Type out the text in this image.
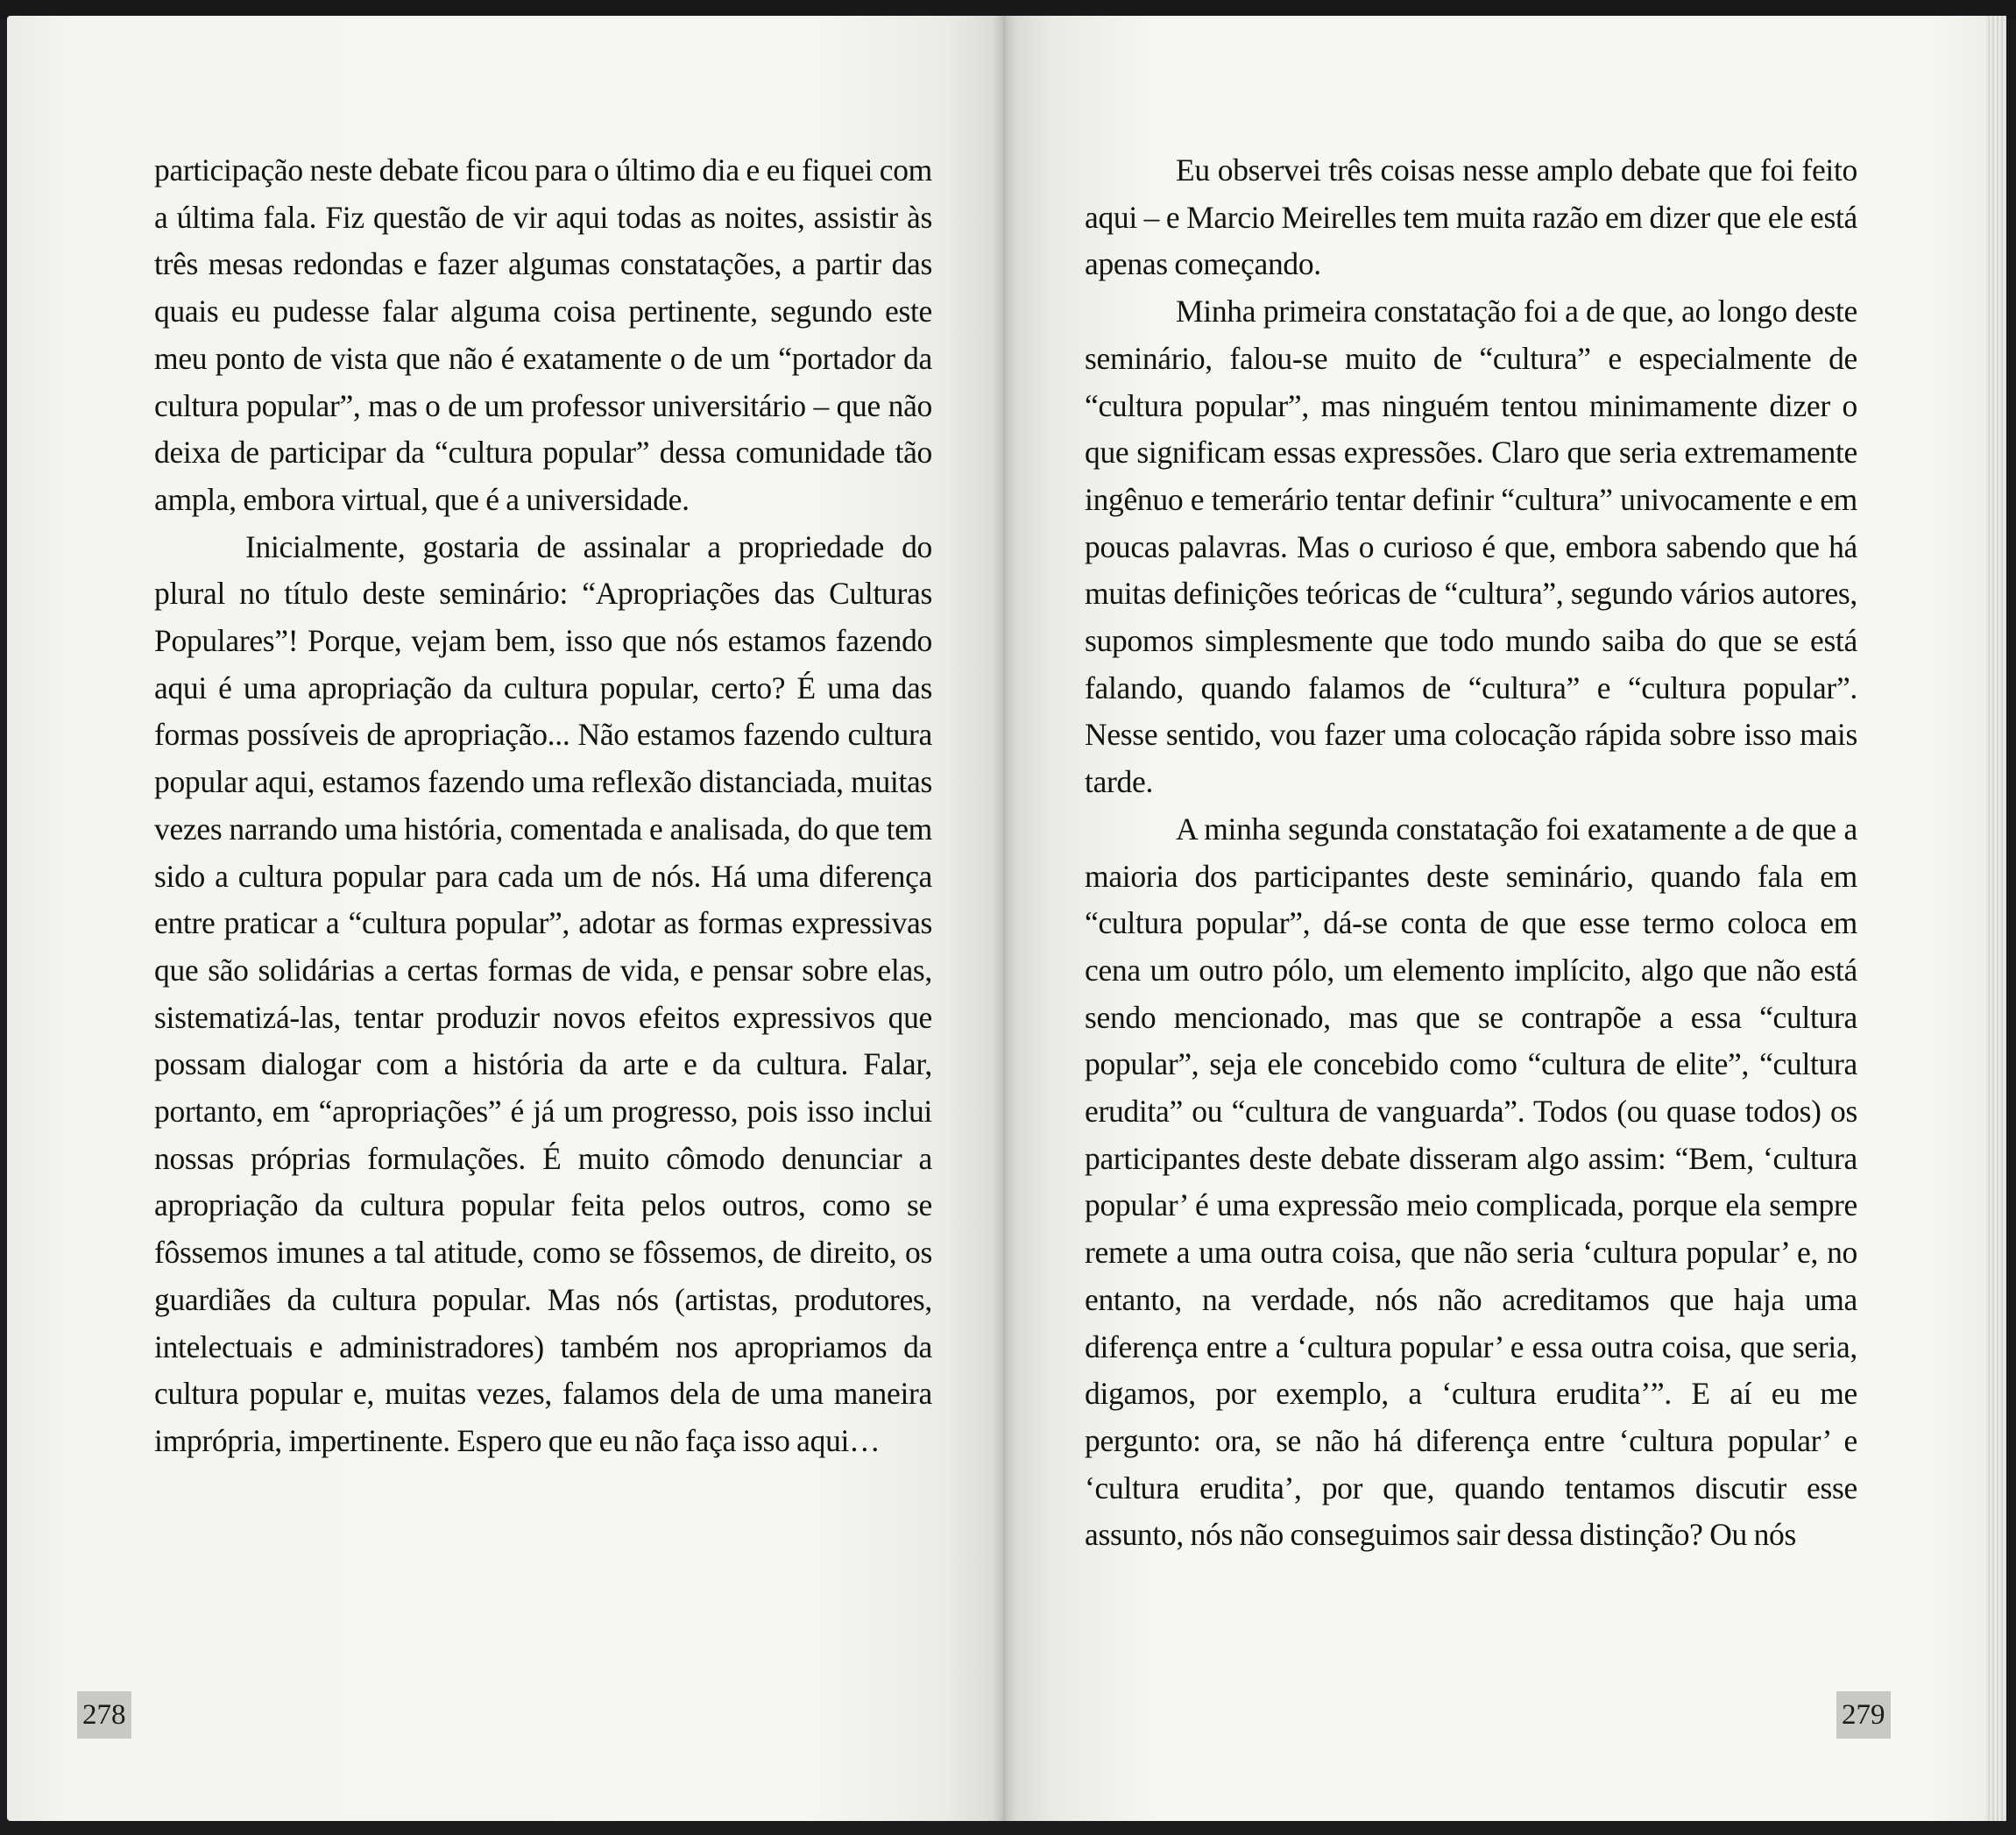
participação neste debate ficou para o último dia e eu fiquei com a última fala. Fiz questão de vir aqui todas as noites, assistir às três mesas redondas e fazer algumas constatações, a partir das quais eu pudesse falar alguma coisa pertinente, segundo este meu ponto de vista que não é exatamente o de um “portador da cultura popular”, mas o de um professor universitário – que não deixa de participar da “cultura popular” dessa comunidade tão ampla, embora virtual, que é a universidade.

Inicialmente, gostaria de assinalar a propriedade do plural no título deste seminário: “Apropriações das Culturas Populares”! Porque, vejam bem, isso que nós estamos fazendo aqui é uma apropriação da cultura popular, certo? É uma das formas possíveis de apropriação... Não estamos fazendo cultura popular aqui, estamos fazendo uma reflexão distanciada, muitas vezes narrando uma história, comentada e analisada, do que tem sido a cultura popular para cada um de nós. Há uma diferença entre praticar a “cultura popular”, adotar as formas expressivas que são solidárias a certas formas de vida, e pensar sobre elas, sistematizá-las, tentar produzir novos efeitos expressivos que possam dialogar com a história da arte e da cultura. Falar, portanto, em “apropriações” é já um progresso, pois isso inclui nossas próprias formulações. É muito cômodo denunciar a apropriação da cultura popular feita pelos outros, como se fôssemos imunes a tal atitude, como se fôssemos, de direito, os guardiães da cultura popular. Mas nós (artistas, produtores, intelectuais e administradores) também nos apropriamos da cultura popular e, muitas vezes, falamos dela de uma maneira imprópria, impertinente. Espero que eu não faça isso aqui…

278

Eu observei três coisas nesse amplo debate que foi feito aqui – e Marcio Meirelles tem muita razão em dizer que ele está apenas começando.

Minha primeira constatação foi a de que, ao longo deste seminário, falou-se muito de “cultura” e especialmente de “cultura popular”, mas ninguém tentou minimamente dizer o que significam essas expressões. Claro que seria extremamente ingênuo e temerário tentar definir “cultura” univocamente e em poucas palavras. Mas o curioso é que, embora sabendo que há muitas definições teóricas de “cultura”, segundo vários autores, supomos simplesmente que todo mundo saiba do que se está falando, quando falamos de “cultura” e “cultura popular”. Nesse sentido, vou fazer uma colocação rápida sobre isso mais tarde.

A minha segunda constatação foi exatamente a de que a maioria dos participantes deste seminário, quando fala em “cultura popular”, dá-se conta de que esse termo coloca em cena um outro pólo, um elemento implícito, algo que não está sendo mencionado, mas que se contrapõe a essa “cultura popular”, seja ele concebido como “cultura de elite”, “cultura erudita” ou “cultura de vanguarda”. Todos (ou quase todos) os participantes deste debate disseram algo assim: “Bem, ‘cultura popular’ é uma expressão meio complicada, porque ela sempre remete a uma outra coisa, que não seria ‘cultura popular’ e, no entanto, na verdade, nós não acreditamos que haja uma diferença entre a ‘cultura popular’ e essa outra coisa, que seria, digamos, por exemplo, a ‘cultura erudita’”. E aí eu me pergunto: ora, se não há diferença entre ‘cultura popular’ e ‘cultura erudita’, por que, quando tentamos discutir esse assunto, nós não conseguimos sair dessa distinção? Ou nós

279
